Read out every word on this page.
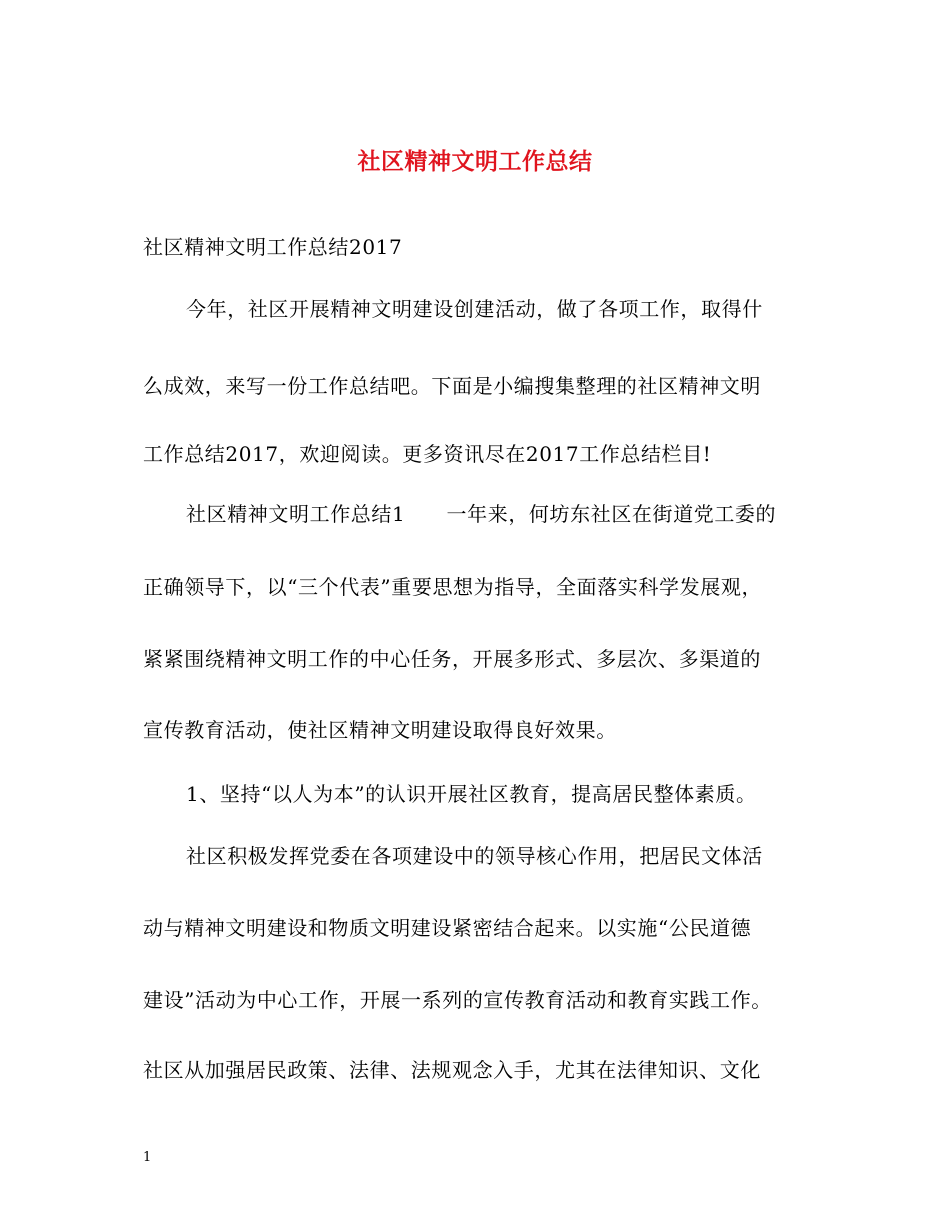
社区精神文明工作总结
社区精神文明工作总结2017
今年，社区开展精神文明建设创建活动，做了各项工作，取得什
么成效，来写一份工作总结吧。下面是小编搜集整理的社区精神文明
工作总结2017，欢迎阅读。更多资讯尽在2017工作总结栏目!
社区精神文明工作总结1　　一年来，何坊东社区在街道党工委的
正确领导下，以“三个代表”重要思想为指导，全面落实科学发展观，
紧紧围绕精神文明工作的中心任务，开展多形式、多层次、多渠道的
宣传教育活动，使社区精神文明建设取得良好效果。
1、坚持“以人为本”的认识开展社区教育，提高居民整体素质。
社区积极发挥党委在各项建设中的领导核心作用，把居民文体活
动与精神文明建设和物质文明建设紧密结合起来。以实施“公民道德
建设”活动为中心工作，开展一系列的宣传教育活动和教育实践工作。
社区从加强居民政策、法律、法规观念入手，尤其在法律知识、文化
1
